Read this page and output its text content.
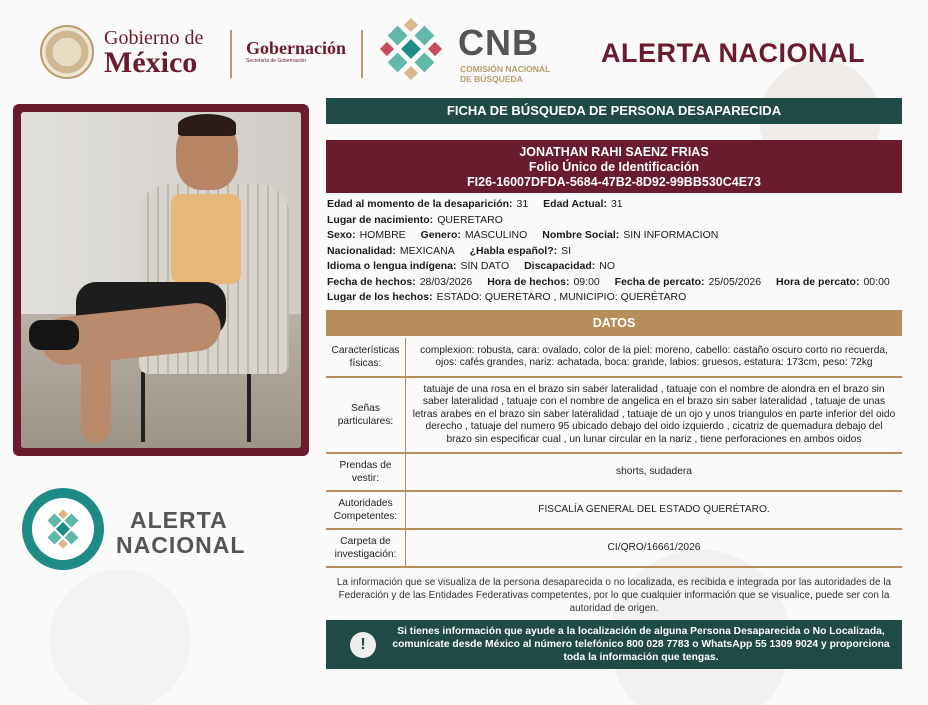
Gobierno de
México	Gobernación
Secretaría de Gobernación	CNB
COMISIÓN NACIONAL
DE BÚSQUEDA
ALERTA NACIONAL
FICHA DE BÚSQUEDA DE PERSONA DESAPARECIDA
JONATHAN RAHI SAENZ FRIAS
Folio Único de Identificación
FI26-16007DFDA-5684-47B2-8D92-99BB530C4E73
Edad al momento de la desaparición: 31 Edad Actual: 31
Lugar de nacimiento: QUERETARO
Sexo: HOMBRE Genero: MASCULINO Nombre Social: SIN INFORMACION
Nacionalidad: MEXICANA ¿Habla español?: SI
Idioma o lengua indígena: SIN DATO Discapacidad: NO
Fecha de hechos: 28/03/2026 Hora de hechos: 09:00 Fecha de percato: 25/05/2026 Hora de percato: 00:00
Lugar de los hechos: ESTADO: QUERETARO , MUNICIPIO: QUERÉTARO
DATOS
Características físicas:
complexion: robusta, cara: ovalado, color de la piel: moreno, cabello: castaño oscuro corto no recuerda, ojos: cafés grandes, nariz: achatada, boca: grande, labios: gruesos, estatura: 173cm, peso: 72kg
Señas particulares:
tatuaje de una rosa en el brazo sin saber lateralidad , tatuaje con el nombre de alondra en el brazo sin saber lateralidad , tatuaje con el nombre de angelica en el brazo sin saber lateralidad , tatuaje de unas letras arabes en el brazo sin saber lateralidad , tatuaje de un ojo y unos triangulos en parte inferior del oido derecho , tatuaje del numero 95 ubicado debajo del oido izquierdo , cicatriz de quemadura debajo del brazo sin especificar cual , un lunar circular en la nariz , tiene perforaciones en ambos oidos
Prendas de vestir:
shorts, sudadera
Autoridades Competentes:
FISCALÍA GENERAL DEL ESTADO QUERÉTARO.
Carpeta de investigación:
CI/QRO/16661/2026
La información que se visualiza de la persona desaparecida o no localizada, es recibida e integrada por las autoridades de la Federación y de las Entidades Federativas competentes, por lo que cualquier información que se visualice, puede ser con la autoridad de origen.
!
Si tienes información que ayude a la localización de alguna Persona Desaparecida o No Localizada, comunícate desde México al número telefónico 800 028 7783 o WhatsApp 55 1309 9024 y proporciona toda la información que tengas.
ALERTA
NACIONAL
